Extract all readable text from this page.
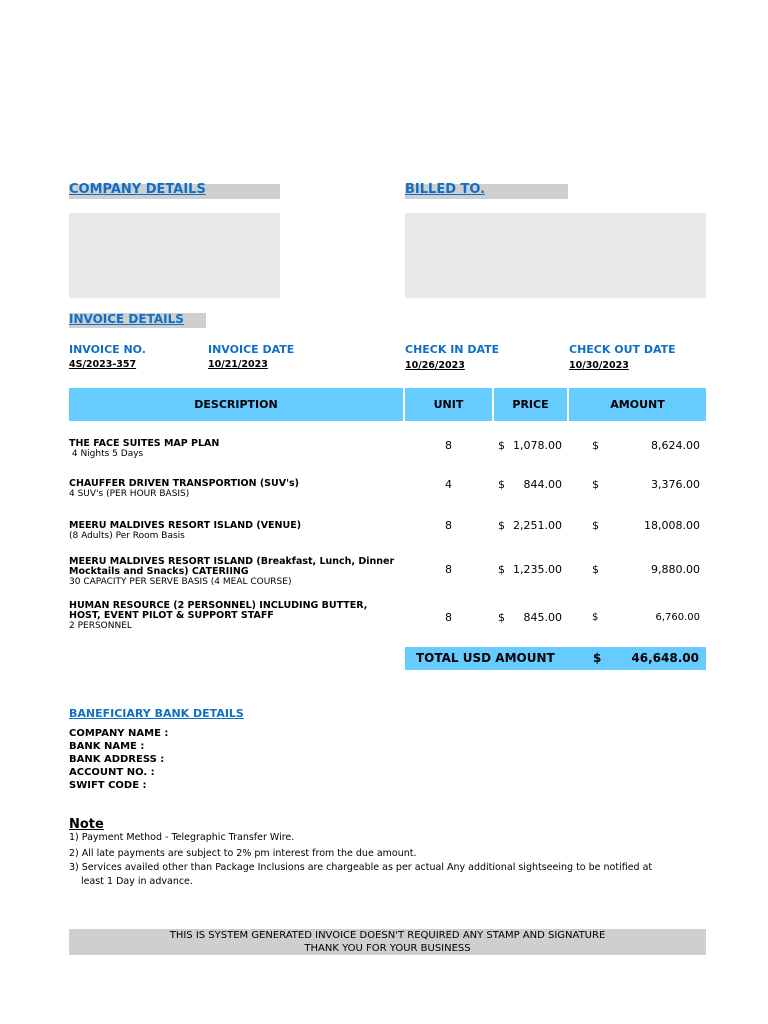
COMPANY DETAILS	BILLED TO.
INVOICE DETAILS
INVOICE NO.
4S/2023-357
INVOICE DATE
10/21/2023
CHECK IN DATE
10/26/2023
CHECK OUT DATE
10/30/2023
DESCRIPTION	UNIT	PRICE	AMOUNT
THE FACE SUITES MAP PLAN
4 Nights 5 Days
8	$ 1,078.00	$	8,624.00
CHAUFFER DRIVEN TRANSPORTION (SUV's)
4 SUV's (PER HOUR BASIS)
4	$	844.00	$	3,376.00
MEERU MALDIVES RESORT ISLAND (VENUE)
(8 Adults) Per Room Basis
8	$ 2,251.00	$	18,008.00
MEERU MALDIVES RESORT ISLAND (Breakfast, Lunch, Dinner Mocktails and Snacks) CATERIING
30 CAPACITY PER SERVE BASIS (4 MEAL COURSE)
8	$ 1,235.00	$	9,880.00
HUMAN RESOURCE (2 PERSONNEL) INCLUDING BUTTER, HOST, EVENT PILOT & SUPPORT STAFF
2 PERSONNEL
8	$	845.00	$	6,760.00
TOTAL USD AMOUNT	$	46,648.00
BANEFICIARY BANK DETAILS
COMPANY NAME :
BANK NAME :
BANK ADDRESS :
ACCOUNT NO. :
SWIFT CODE :
Note
1) Payment Method - Telegraphic Transfer Wire.
2) All late payments are subject to 2% pm interest from the due amount.
3) Services availed other than Package Inclusions are chargeable as per actual Any additional sightseeing to be notified at
least 1 Day in advance.
THIS IS SYSTEM GENERATED INVOICE DOESN'T REQUIRED ANY STAMP AND SIGNATURE
THANK YOU FOR YOUR BUSINESS
